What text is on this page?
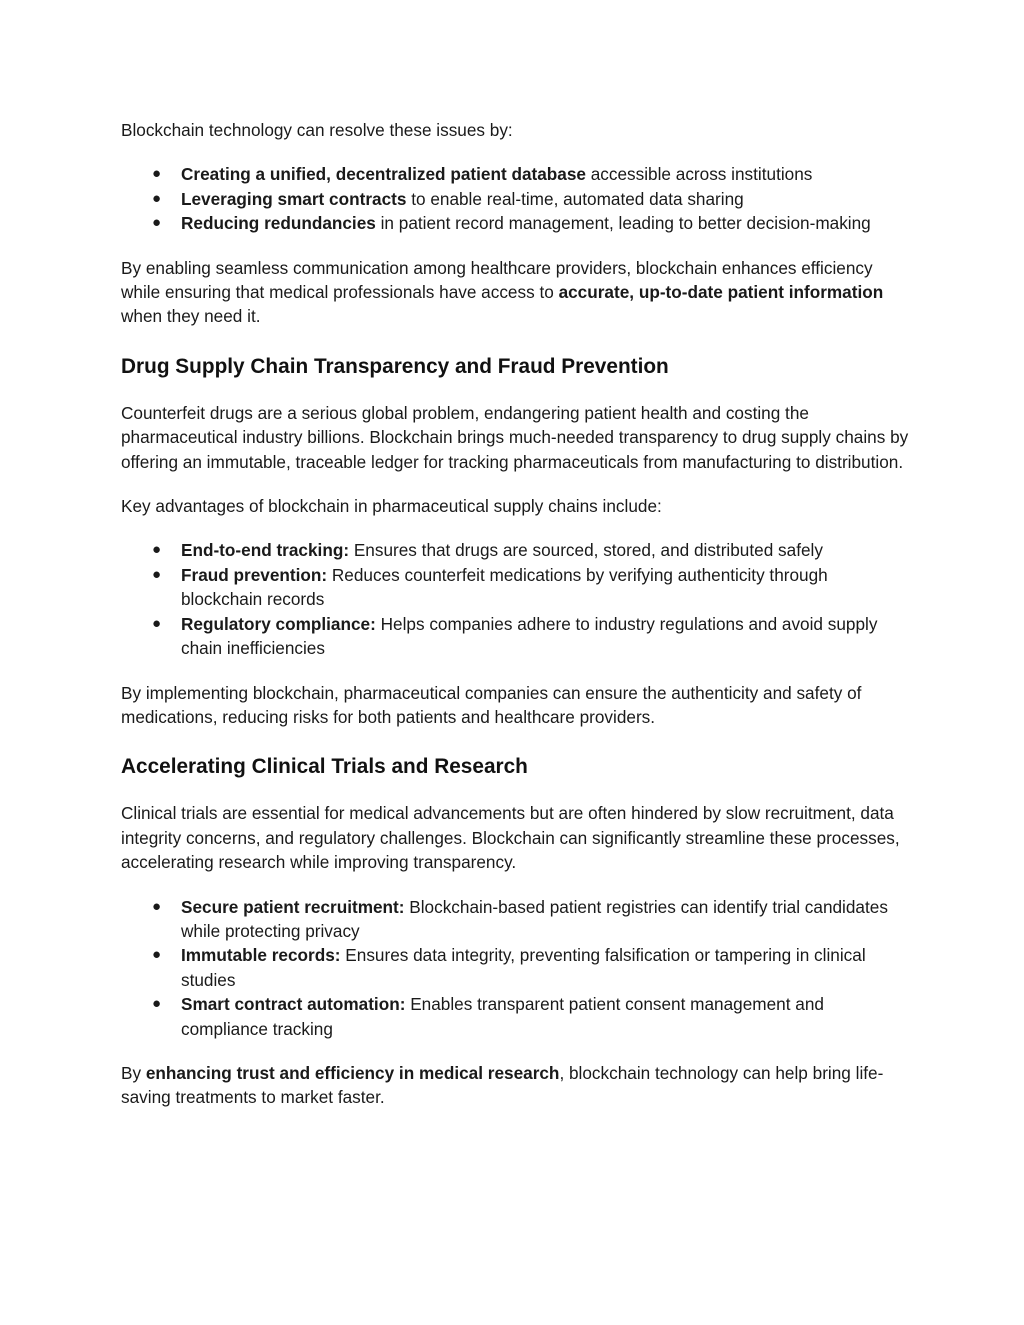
Blockchain technology can resolve these issues by:

● Creating a unified, decentralized patient database accessible across institutions
● Leveraging smart contracts to enable real-time, automated data sharing
● Reducing redundancies in patient record management, leading to better decision-making

By enabling seamless communication among healthcare providers, blockchain enhances efficiency while ensuring that medical professionals have access to accurate, up-to-date patient information when they need it.

Drug Supply Chain Transparency and Fraud Prevention

Counterfeit drugs are a serious global problem, endangering patient health and costing the pharmaceutical industry billions. Blockchain brings much-needed transparency to drug supply chains by offering an immutable, traceable ledger for tracking pharmaceuticals from manufacturing to distribution.

Key advantages of blockchain in pharmaceutical supply chains include:

● End-to-end tracking: Ensures that drugs are sourced, stored, and distributed safely
● Fraud prevention: Reduces counterfeit medications by verifying authenticity through blockchain records
● Regulatory compliance: Helps companies adhere to industry regulations and avoid supply chain inefficiencies

By implementing blockchain, pharmaceutical companies can ensure the authenticity and safety of medications, reducing risks for both patients and healthcare providers.

Accelerating Clinical Trials and Research

Clinical trials are essential for medical advancements but are often hindered by slow recruitment, data integrity concerns, and regulatory challenges. Blockchain can significantly streamline these processes, accelerating research while improving transparency.

● Secure patient recruitment: Blockchain-based patient registries can identify trial candidates while protecting privacy
● Immutable records: Ensures data integrity, preventing falsification or tampering in clinical studies
● Smart contract automation: Enables transparent patient consent management and compliance tracking

By enhancing trust and efficiency in medical research, blockchain technology can help bring life-saving treatments to market faster.
